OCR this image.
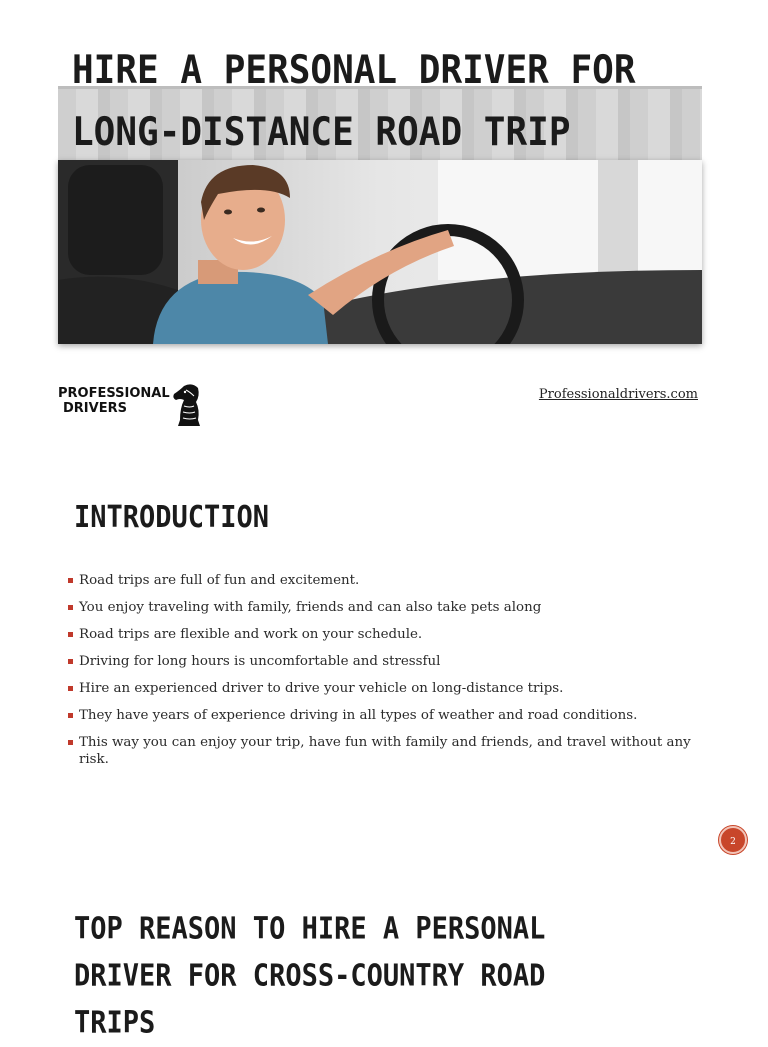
HIRE A PERSONAL DRIVER FOR LONG-DISTANCE ROAD TRIP
PROFESSIONAL
DRIVERS
Professionaldrivers.com
INTRODUCTION
Road trips are full of fun and excitement.
You enjoy traveling with family, friends and can also take pets along
Road trips are flexible and work on your schedule.
Driving for long hours is uncomfortable and stressful
Hire an experienced driver to drive your vehicle on long-distance trips.
They have years of experience driving in all types of weather and road conditions.
This way you can enjoy your trip, have fun with family and friends, and travel without any risk.
2
TOP REASON TO HIRE A PERSONAL DRIVER FOR CROSS-COUNTRY ROAD TRIPS
